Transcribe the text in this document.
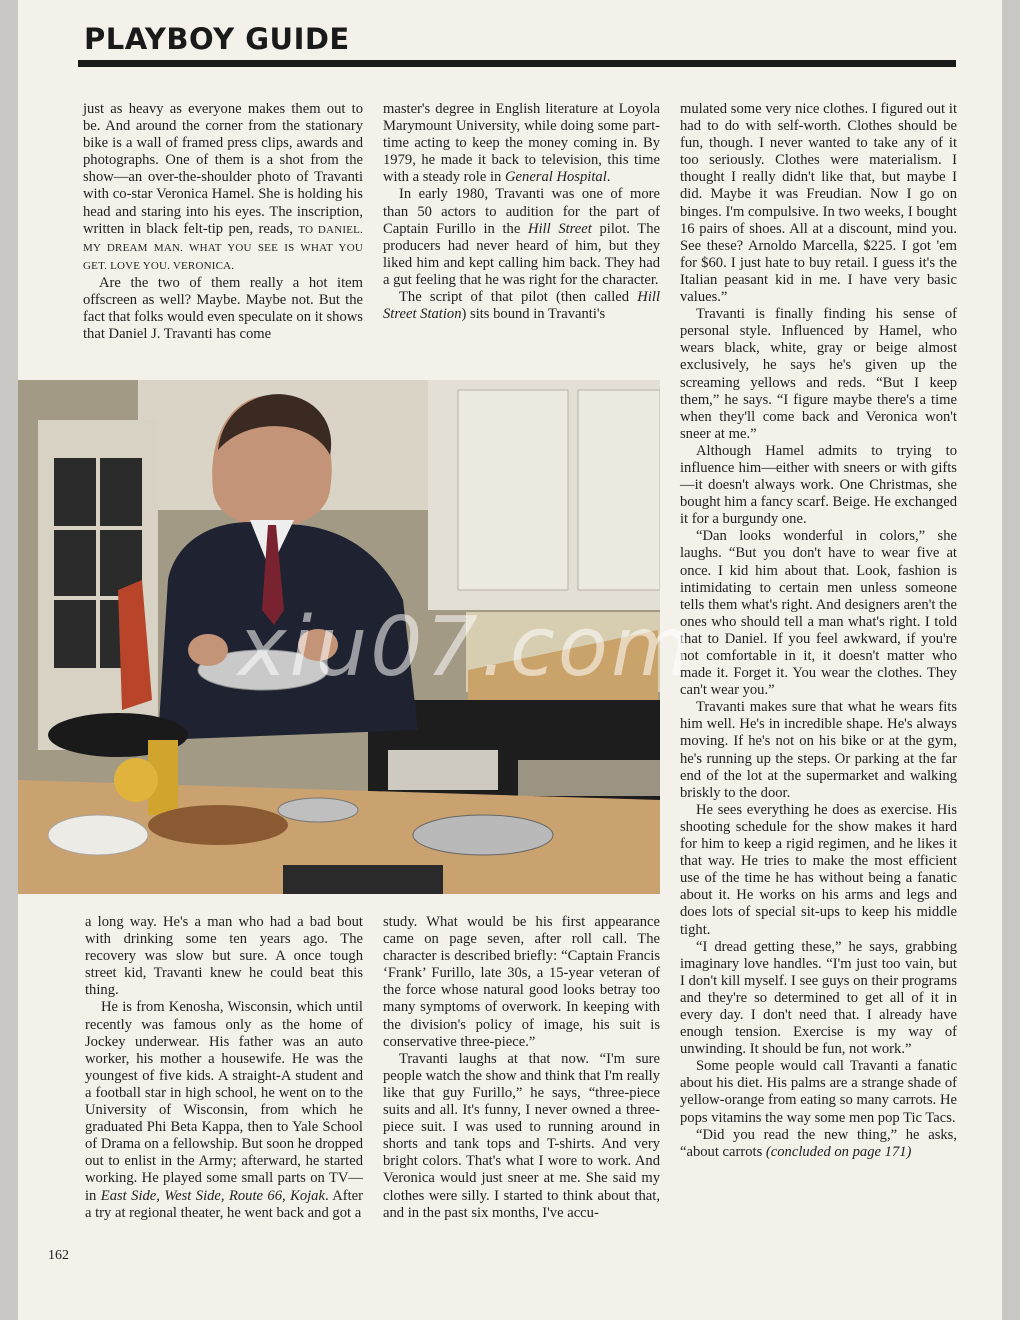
PLAYBOY GUIDE

just as heavy as everyone makes them out to be. And around the corner from the stationary bike is a wall of framed press clips, awards and photographs. One of them is a shot from the show—an over-the-shoulder photo of Travanti with co-star Veronica Hamel. She is holding his head and staring into his eyes. The inscription, written in black felt-tip pen, reads, TO DANIEL. MY DREAM MAN. WHAT YOU SEE IS WHAT YOU GET. LOVE YOU. VERONICA.

Are the two of them really a hot item offscreen as well? Maybe. Maybe not. But the fact that folks would even speculate on it shows that Daniel J. Travanti has come

master's degree in English literature at Loyola Marymount University, while doing some part-time acting to keep the money coming in. By 1979, he made it back to television, this time with a steady role in General Hospital.

In early 1980, Travanti was one of more than 50 actors to audition for the part of Captain Furillo in the Hill Street pilot. The producers had never heard of him, but they liked him and kept calling him back. They had a gut feeling that he was right for the character.

The script of that pilot (then called Hill Street Station) sits bound in Travanti's

mulated some very nice clothes. I figured out it had to do with self-worth. Clothes should be fun, though. I never wanted to take any of it too seriously. Clothes were materialism. I thought I really didn't like that, but maybe I did. Maybe it was Freudian. Now I go on binges. I'm compulsive. In two weeks, I bought 16 pairs of shoes. All at a discount, mind you. See these? Arnoldo Marcella, $225. I got 'em for $60. I just hate to buy retail. I guess it's the Italian peasant kid in me. I have very basic values.”

Travanti is finally finding his sense of personal style. Influenced by Hamel, who wears black, white, gray or beige almost exclusively, he says he's given up the screaming yellows and reds. “But I keep them,” he says. “I figure maybe there's a time when they'll come back and Veronica won't sneer at me.”

Although Hamel admits to trying to influence him—either with sneers or with gifts—it doesn't always work. One Christmas, she bought him a fancy scarf. Beige. He exchanged it for a burgundy one.

“Dan looks wonderful in colors,” she laughs. “But you don't have to wear five at once. I kid him about that. Look, fashion is intimidating to certain men unless someone tells them what's right. And designers aren't the ones who should tell a man what's right. I told that to Daniel. If you feel awkward, if you're not comfortable in it, it doesn't matter who made it. Forget it. You wear the clothes. They can't wear you.”

Travanti makes sure that what he wears fits him well. He's in incredible shape. He's always moving. If he's not on his bike or at the gym, he's running up the steps. Or parking at the far end of the lot at the supermarket and walking briskly to the door.

He sees everything he does as exercise. His shooting schedule for the show makes it hard for him to keep a rigid regimen, and he likes it that way. He tries to make the most efficient use of the time he has without being a fanatic about it. He works on his arms and legs and does lots of special sit-ups to keep his middle tight.

“I dread getting these,” he says, grabbing imaginary love handles. “I'm just too vain, but I don't kill myself. I see guys on their programs and they're so determined to get all of it in every day. I don't need that. I already have enough tension. Exercise is my way of unwinding. It should be fun, not work.”

Some people would call Travanti a fanatic about his diet. His palms are a strange shade of yellow-orange from eating so many carrots. He pops vitamins the way some men pop Tic Tacs.

“Did you read the new thing,” he asks, “about carrots (concluded on page 171)

a long way. He's a man who had a bad bout with drinking some ten years ago. The recovery was slow but sure. A once tough street kid, Travanti knew he could beat this thing.

He is from Kenosha, Wisconsin, which until recently was famous only as the home of Jockey underwear. His father was an auto worker, his mother a housewife. He was the youngest of five kids. A straight-A student and a football star in high school, he went on to the University of Wisconsin, from which he graduated Phi Beta Kappa, then to Yale School of Drama on a fellowship. But soon he dropped out to enlist in the Army; afterward, he started working. He played some small parts on TV—in East Side, West Side, Route 66, Kojak. After a try at regional theater, he went back and got a

study. What would be his first appearance came on page seven, after roll call. The character is described briefly: “Captain Francis ‘Frank’ Furillo, late 30s, a 15-year veteran of the force whose natural good looks betray too many symptoms of overwork. In keeping with the division's policy of image, his suit is conservative three-piece.”

Travanti laughs at that now. “I'm sure people watch the show and think that I'm really like that guy Furillo,” he says, “three-piece suits and all. It's funny, I never owned a three-piece suit. I was used to running around in shorts and tank tops and T-shirts. And very bright colors. That's what I wore to work. And Veronica would just sneer at me. She said my clothes were silly. I started to think about that, and in the past six months, I've accu-

xiu07.com
162
